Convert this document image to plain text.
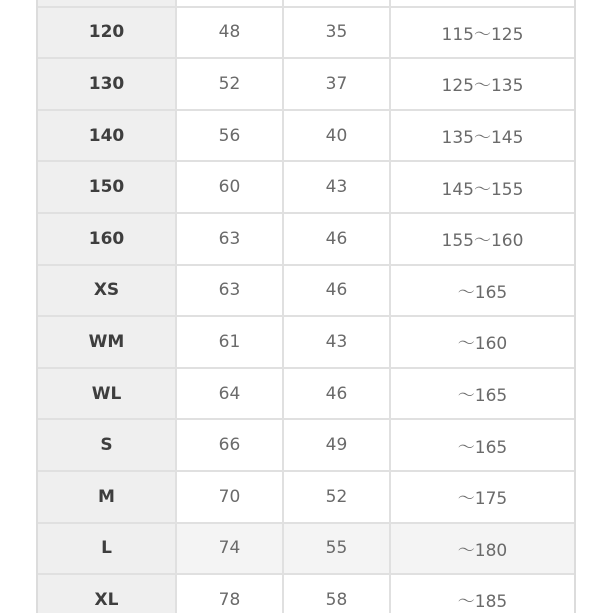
120	48	35	115～125
130	52	37	125～135
140	56	40	135～145
150	60	43	145～155
160	63	46	155～160
XS	63	46	～165
WM	61	43	～160
WL	64	46	～165
S	66	49	～165
M	70	52	～175
L	74	55	～180
XL	78	58	～185
